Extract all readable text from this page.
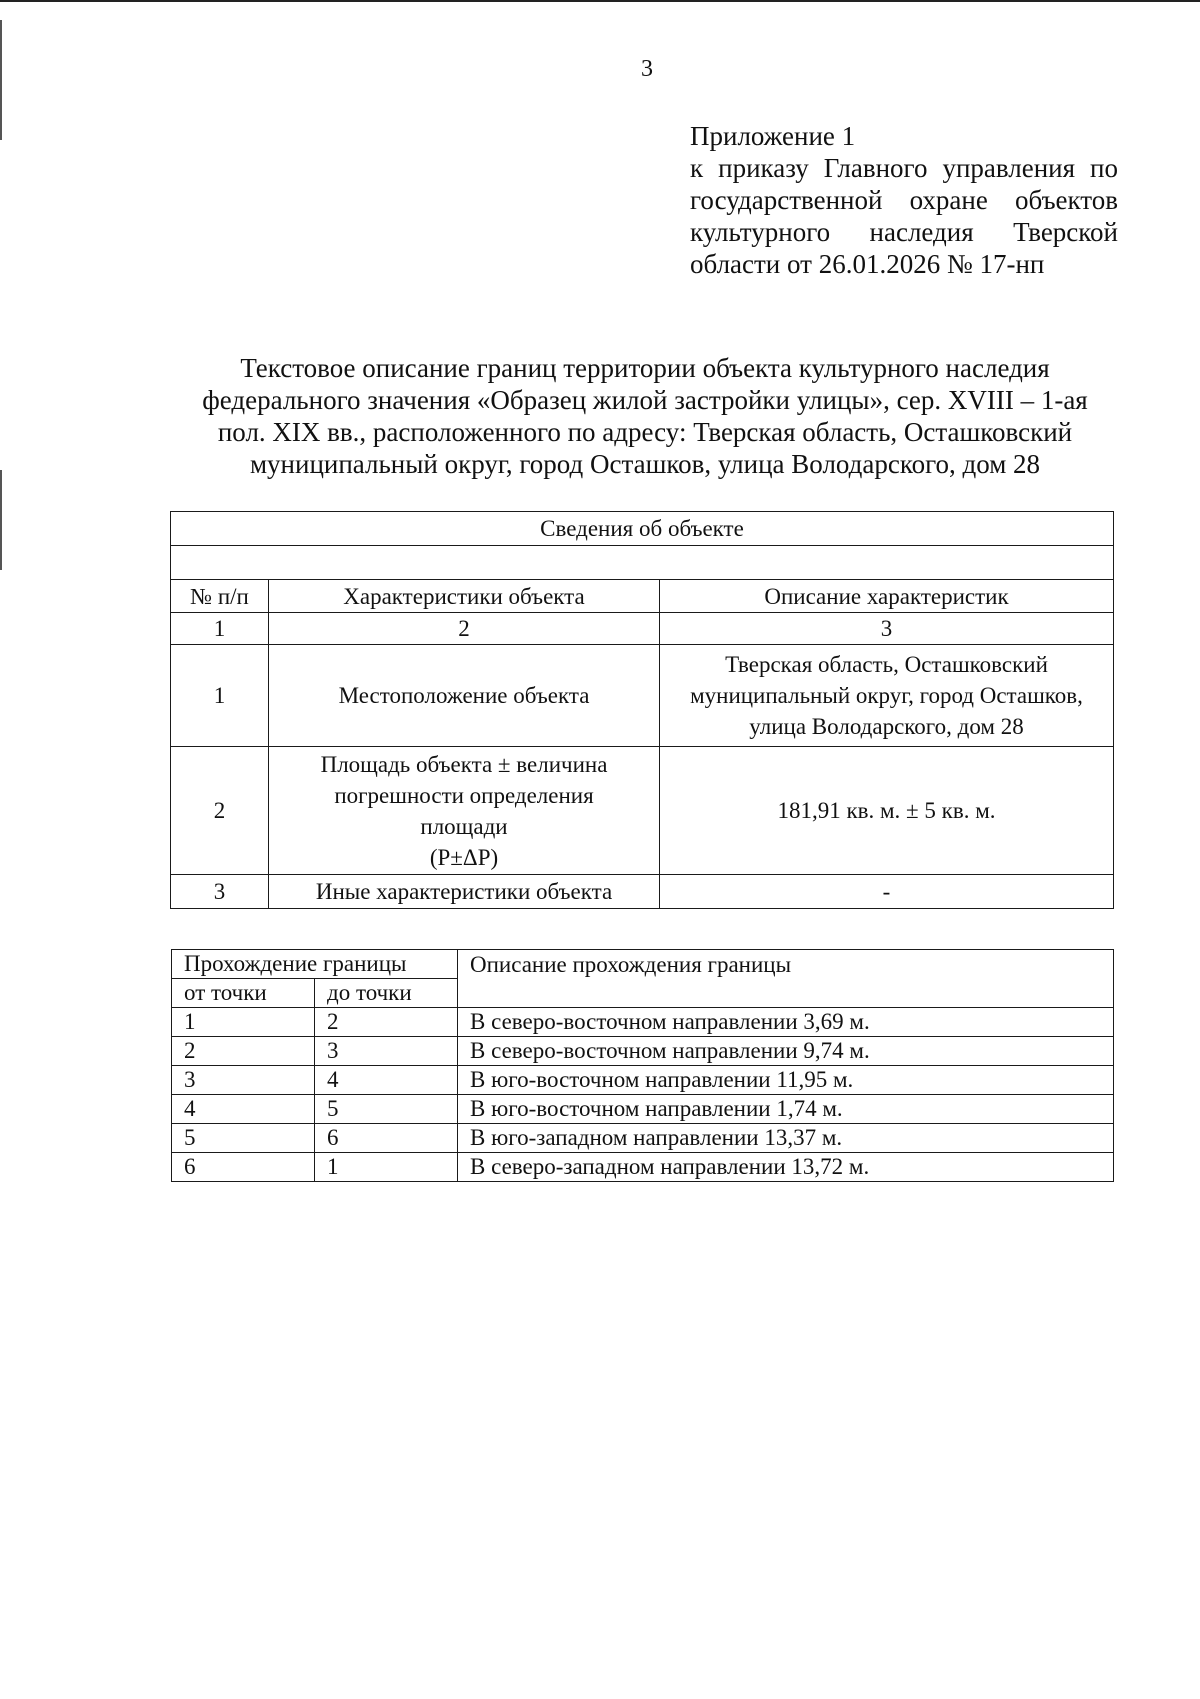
3
Приложение 1
к приказу Главного управления по
государственной охране объектов
культурного наследия Тверской
области от 26.01.2026 № 17-нп
Текстовое описание границ территории объекта культурного наследия
федерального значения «Образец жилой застройки улицы», сер. XVIII – 1-ая
пол. XIX вв., расположенного по адресу: Тверская область, Осташковский
муниципальный округ, город Осташков, улица Володарского, дом 28
Сведения об объекте		

№ п/п	Характеристики объекта	Описание характеристик
1	2	3
1	Местоположение объекта	Тверская область, Осташковский
муниципальный округ, город Осташков,
улица Володарского, дом 28

2	Площадь объекта ± величина
погрешности определения
площади
(Р±ΔР)	181,91 кв. м. ± 5 кв. м.

3	Иные характеристики объекта	-
Прохождение границы		Описание прохождения границы
от точки	до точки	
1	2	В северо-восточном направлении 3,69 м.
2	3	В северо-восточном направлении 9,74 м.
3	4	В юго-восточном направлении 11,95 м.
4	5	В юго-восточном направлении 1,74 м.
5	6	В юго-западном направлении 13,37 м.
6	1	В северо-западном направлении 13,72 м.
